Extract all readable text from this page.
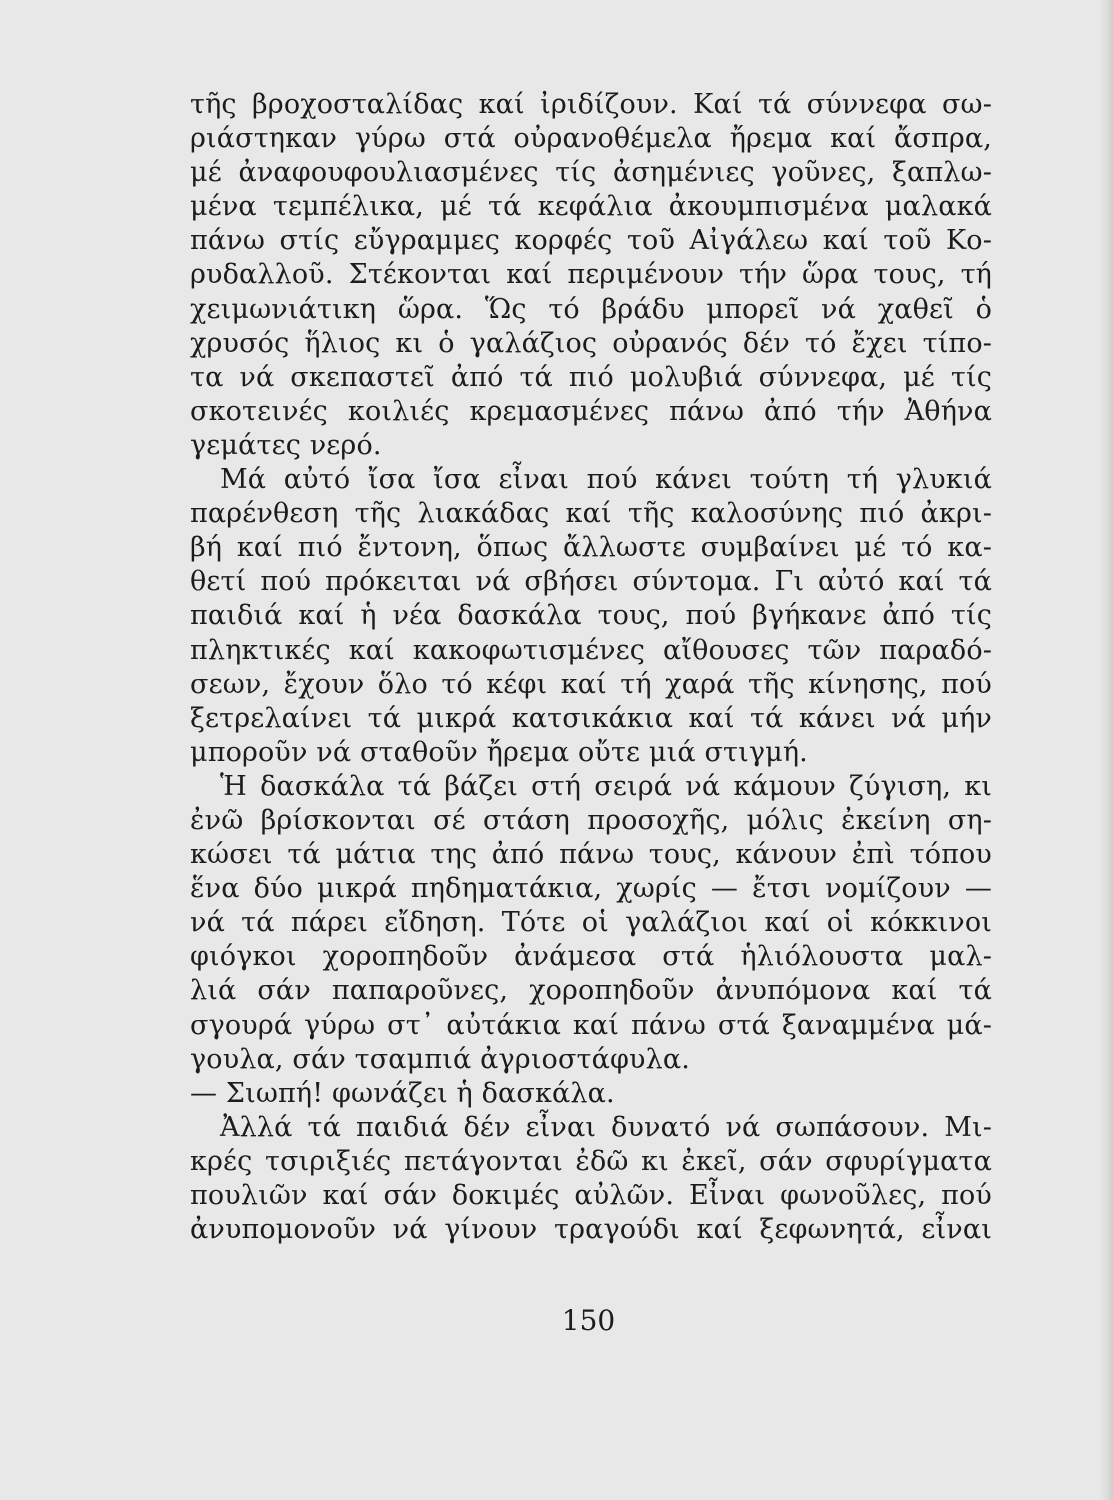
τῆς βροχοσταλίδας καί ἰριδίζουν. Καί τά σύννεφα σω-
ριάστηκαν γύρω στά οὐρανοθέμελα ἤρεμα καί ἄσπρα,
μέ ἀναφουφουλιασμένες τίς ἀσημένιες γοῦνες, ξαπλω-
μένα τεμπέλικα, μέ τά κεφάλια ἀκουμπισμένα μαλακά
πάνω στίς εὔγραμμες κορφές τοῦ Αἰγάλεω καί τοῦ Κο-
ρυδαλλοῦ. Στέκονται καί περιμένουν τήν ὥρα τους, τή
χειμωνιάτικη ὥρα. Ὥς τό βράδυ μπορεῖ νά χαθεῖ ὁ
χρυσός ἥλιος κι ὁ γαλάζιος οὐρανός δέν τό ἔχει τίπο-
τα νά σκεπαστεῖ ἀπό τά πιό μολυβιά σύννεφα, μέ τίς
σκοτεινές κοιλιές κρεμασμένες πάνω ἀπό τήν Ἀθήνα
γεμάτες νερό.
Μά αὐτό ἴσα ἴσα εἶναι πού κάνει τούτη τή γλυκιά
παρένθεση τῆς λιακάδας καί τῆς καλοσύνης πιό ἀκρι-
βή καί πιό ἔντονη, ὅπως ἄλλωστε συμβαίνει μέ τό κα-
θετί πού πρόκειται νά σβήσει σύντομα. Γι αὐτό καί τά
παιδιά καί ἡ νέα δασκάλα τους, πού βγήκανε ἀπό τίς
πληκτικές καί κακοφωτισμένες αἴθουσες τῶν παραδό-
σεων, ἔχουν ὅλο τό κέφι καί τή χαρά τῆς κίνησης, πού
ξετρελαίνει τά μικρά κατσικάκια καί τά κάνει νά μήν
μποροῦν νά σταθοῦν ἤρεμα οὔτε μιά στιγμή.
Ἡ δασκάλα τά βάζει στή σειρά νά κάμουν ζύγιση, κι
ἐνῶ βρίσκονται σέ στάση προσοχῆς, μόλις ἐκείνη ση-
κώσει τά μάτια της ἀπό πάνω τους, κάνουν ἐπὶ τόπου
ἕνα δύο μικρά πηδηματάκια, χωρίς — ἔτσι νομίζουν —
νά τά πάρει εἴδηση. Τότε οἱ γαλάζιοι καί οἱ κόκκινοι
φιόγκοι χοροπηδοῦν ἀνάμεσα στά ἡλιόλουστα μαλ-
λιά σάν παπαροῦνες, χοροπηδοῦν ἀνυπόμονα καί τά
σγουρά γύρω στ᾽ αὐτάκια καί πάνω στά ξαναμμένα μά-
γουλα, σάν τσαμπιά ἀγριοστάφυλα.
— Σιωπή! φωνάζει ἡ δασκάλα.
Ἀλλά τά παιδιά δέν εἶναι δυνατό νά σωπάσουν. Μι-
κρές τσιριξιές πετάγονται ἐδῶ κι ἐκεῖ, σάν σφυρίγματα
πουλιῶν καί σάν δοκιμές αὐλῶν. Εἶναι φωνοῦλες, πού
ἀνυπομονοῦν νά γίνουν τραγούδι καί ξεφωνητά, εἶναι
150
